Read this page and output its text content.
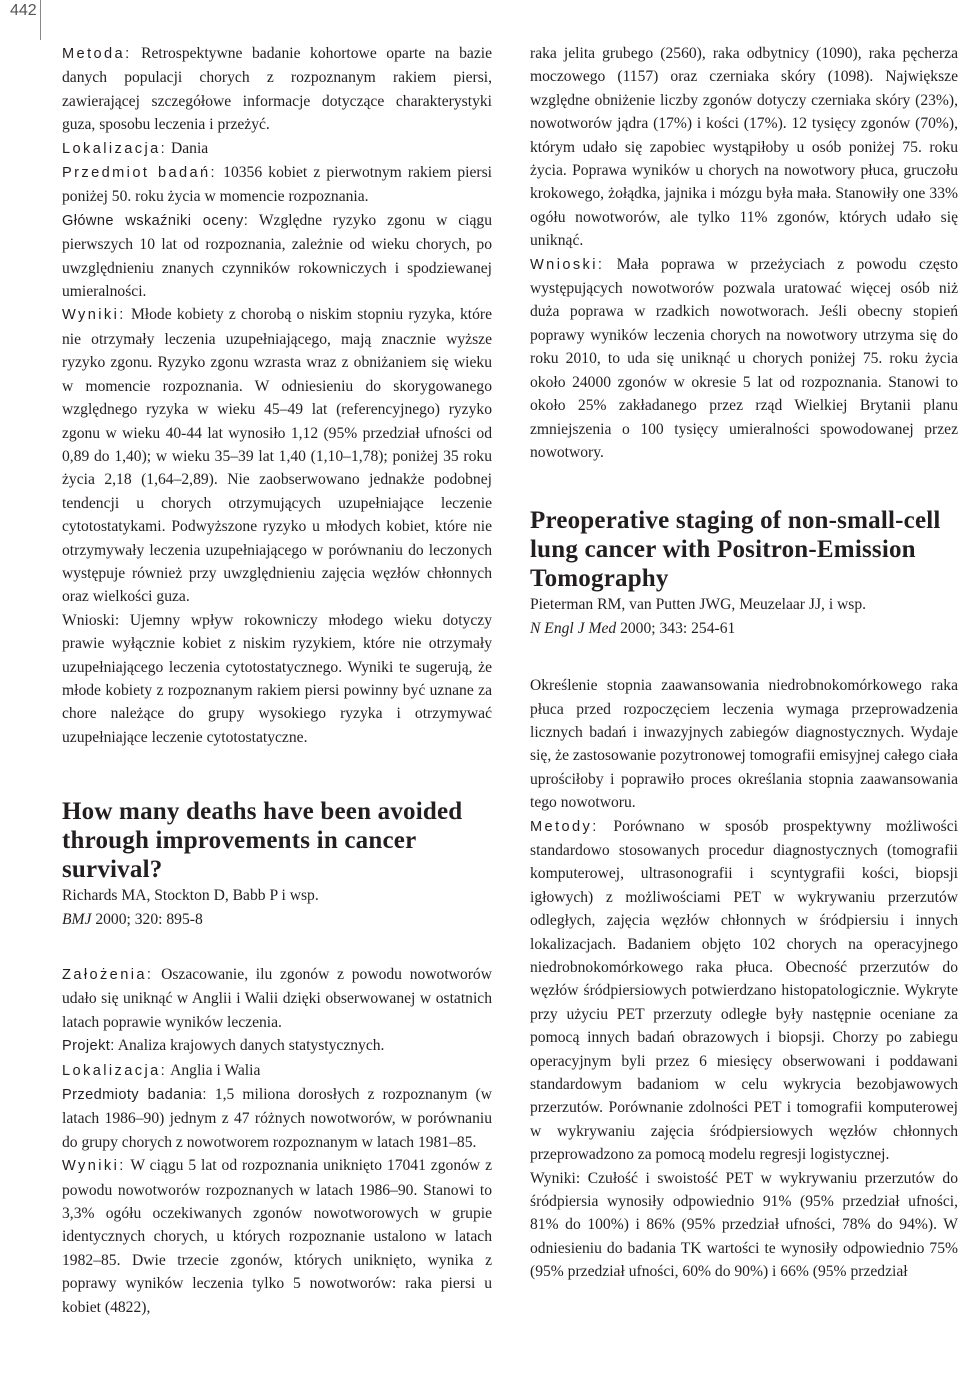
442

Metoda: Retrospektywne badanie kohortowe oparte na bazie danych populacji chorych z rozpoznanym rakiem piersi, zawierającej szczegółowe informacje dotyczące charakterystyki guza, sposobu leczenia i przeżyć.

Lokalizacja: Dania

Przedmiot badań: 10356 kobiet z pierwotnym rakiem piersi poniżej 50. roku życia w momencie rozpoznania.

Główne wskaźniki oceny: Względne ryzyko zgonu w ciągu pierwszych 10 lat od rozpoznania, zależnie od wieku chorych, po uwzględnieniu znanych czynników rokowniczych i spodziewanej umieralności.

Wyniki: Młode kobiety z chorobą o niskim stopniu ryzyka, które nie otrzymały leczenia uzupełniającego, mają znacznie wyższe ryzyko zgonu. Ryzyko zgonu wzrasta wraz z obniżaniem się wieku w momencie rozpoznania. W odniesieniu do skorygowanego względnego ryzyka w wieku 45–49 lat (referencyjnego) ryzyko zgonu w wieku 40-44 lat wynosiło 1,12 (95% przedział ufności od 0,89 do 1,40); w wieku 35–39 lat 1,40 (1,10–1,78); poniżej 35 roku życia 2,18 (1,64–2,89). Nie zaobserwowano jednakże podobnej tendencji u chorych otrzymujących uzupełniające leczenie cytotostatykami. Podwyższone ryzyko u młodych kobiet, które nie otrzymywały leczenia uzupełniającego w porównaniu do leczonych występuje również przy uwzględnieniu zajęcia węzłów chłonnych oraz wielkości guza.

Wnioski: Ujemny wpływ rokowniczy młodego wieku dotyczy prawie wyłącznie kobiet z niskim ryzykiem, które nie otrzymały uzupełniającego leczenia cytotostatycznego. Wyniki te sugerują, że młode kobiety z rozpoznanym rakiem piersi powinny być uznane za chore należące do grupy wysokiego ryzyka i otrzymywać uzupełniające leczenie cytotostatyczne.

How many deaths have been avoided through improvements in cancer survival?

Richards MA, Stockton D, Babb P i wsp.

BMJ 2000; 320: 895-8

Założenia: Oszacowanie, ilu zgonów z powodu nowotworów udało się uniknąć w Anglii i Walii dzięki obserwowanej w ostatnich latach poprawie wyników leczenia.

Projekt: Analiza krajowych danych statystycznych.

Lokalizacja: Anglia i Walia

Przedmioty badania: 1,5 miliona dorosłych z rozpoznanym (w latach 1986–90) jednym z 47 różnych nowotworów, w porównaniu do grupy chorych z nowotworem rozpoznanym w latach 1981–85.

Wyniki: W ciągu 5 lat od rozpoznania uniknięto 17041 zgonów z powodu nowotworów rozpoznanych w latach 1986–90. Stanowi to 3,3% ogółu oczekiwanych zgonów nowotworowych w grupie identycznych chorych, u których rozpoznanie ustalono w latach 1982–85. Dwie trzecie zgonów, których uniknięto, wynika z poprawy wyników leczenia tylko 5 nowotworów: raka piersi u kobiet (4822),

raka jelita grubego (2560), raka odbytnicy (1090), raka pęcherza moczowego (1157) oraz czerniaka skóry (1098). Największe względne obniżenie liczby zgonów dotyczy czerniaka skóry (23%), nowotworów jądra (17%) i kości (17%). 12 tysięcy zgonów (70%), którym udało się zapobiec wystąpiłoby u osób poniżej 75. roku życia. Poprawa wyników u chorych na nowotwory płuca, gruczołu krokowego, żołądka, jajnika i mózgu była mała. Stanowiły one 33% ogółu nowotworów, ale tylko 11% zgonów, których udało się uniknąć.

Wnioski: Mała poprawa w przeżyciach z powodu często występujących nowotworów pozwala uratować więcej osób niż duża poprawa w rzadkich nowotworach. Jeśli obecny stopień poprawy wyników leczenia chorych na nowotwory utrzyma się do roku 2010, to uda się uniknąć u chorych poniżej 75. roku życia około 24000 zgonów w okresie 5 lat od rozpoznania. Stanowi to około 25% zakładanego przez rząd Wielkiej Brytanii planu zmniejszenia o 100 tysięcy umieralności spowodowanej przez nowotwory.

Preoperative staging of non-small-cell lung cancer with Positron-Emission Tomography

Pieterman RM, van Putten JWG, Meuzelaar JJ, i wsp.

N Engl J Med 2000; 343: 254-61

Określenie stopnia zaawansowania niedrobnokomórkowego raka płuca przed rozpoczęciem leczenia wymaga przeprowadzenia licznych badań i inwazyjnych zabiegów diagnostycznych. Wydaje się, że zastosowanie pozytronowej tomografii emisyjnej całego ciała uprościłoby i poprawiło proces określania stopnia zaawansowania tego nowotworu.

Metody: Porównano w sposób prospektywny możliwości standardowo stosowanych procedur diagnostycznych (tomografii komputerowej, ultrasonografii i scyntygrafii kości, biopsji igłowych) z możliwościami PET w wykrywaniu przerzutów odległych, zajęcia węzłów chłonnych w śródpiersiu i innych lokalizacjach. Badaniem objęto 102 chorych na operacyjnego niedrobnokomórkowego raka płuca. Obecność przerzutów do węzłów śródpiersiowych potwierdzano histopatologicznie. Wykryte przy użyciu PET przerzuty odległe były następnie oceniane za pomocą innych badań obrazowych i biopsji. Chorzy po zabiegu operacyjnym byli przez 6 miesięcy obserwowani i poddawani standardowym badaniom w celu wykrycia bezobjawowych przerzutów. Porównanie zdolności PET i tomografii komputerowej w wykrywaniu zajęcia śródpiersiowych węzłów chłonnych przeprowadzono za pomocą modelu regresji logistycznej.

Wyniki: Czułość i swoistość PET w wykrywaniu przerzutów do śródpiersia wynosiły odpowiednio 91% (95% przedział ufności, 81% do 100%) i 86% (95% przedział ufności, 78% do 94%). W odniesieniu do badania TK wartości te wynosiły odpowiednio 75% (95% przedział ufności, 60% do 90%) i 66% (95% przedział
